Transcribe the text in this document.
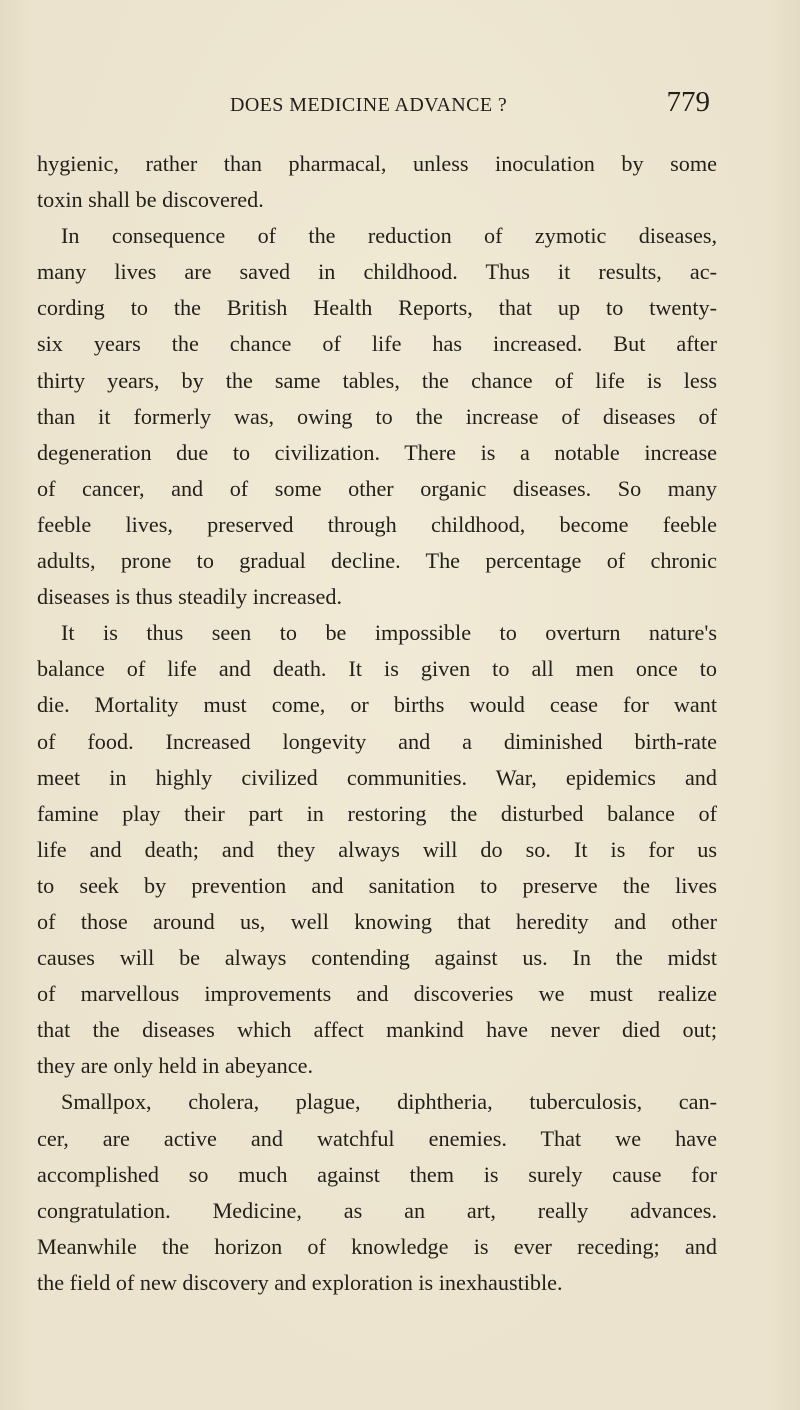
DOES MEDICINE ADVANCE ?	779
hygienic, rather than pharmacal, unless inoculation by some
toxin shall be discovered.
In consequence of the reduction of zymotic diseases,
many lives are saved in childhood. Thus it results, ac-
cording to the British Health Reports, that up to twenty-
six years the chance of life has increased. But after
thirty years, by the same tables, the chance of life is less
than it formerly was, owing to the increase of diseases of
degeneration due to civilization. There is a notable increase
of cancer, and of some other organic diseases. So many
feeble lives, preserved through childhood, become feeble
adults, prone to gradual decline. The percentage of chronic
diseases is thus steadily increased.
It is thus seen to be impossible to overturn nature's
balance of life and death. It is given to all men once to
die. Mortality must come, or births would cease for want
of food. Increased longevity and a diminished birth-rate
meet in highly civilized communities. War, epidemics and
famine play their part in restoring the disturbed balance of
life and death; and they always will do so. It is for us
to seek by prevention and sanitation to preserve the lives
of those around us, well knowing that heredity and other
causes will be always contending against us. In the midst
of marvellous improvements and discoveries we must realize
that the diseases which affect mankind have never died out;
they are only held in abeyance.
Smallpox, cholera, plague, diphtheria, tuberculosis, can-
cer, are active and watchful enemies. That we have
accomplished so much against them is surely cause for
congratulation. Medicine, as an art, really advances.
Meanwhile the horizon of knowledge is ever receding; and
the field of new discovery and exploration is inexhaustible.
